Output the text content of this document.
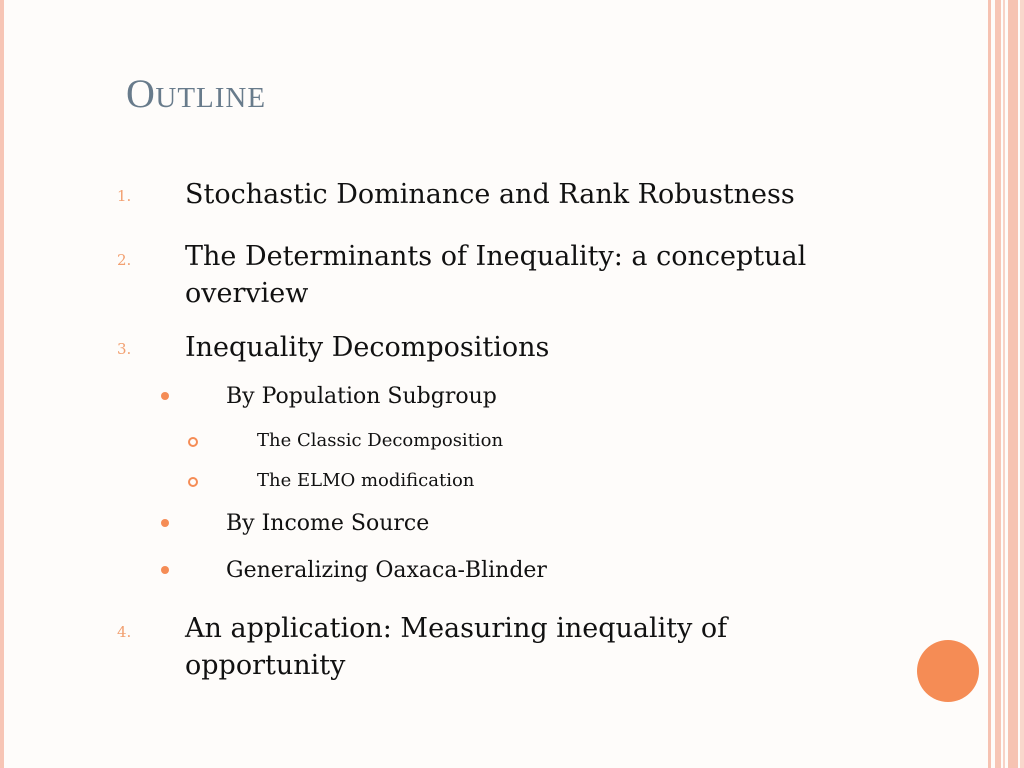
OUTLINE
1. Stochastic Dominance and Rank Robustness
2. The Determinants of Inequality: a conceptual
overview
3. Inequality Decompositions
By Population Subgroup
The Classic Decomposition
The ELMO modification
By Income Source
Generalizing Oaxaca-Blinder
4. An application: Measuring inequality of
opportunity
